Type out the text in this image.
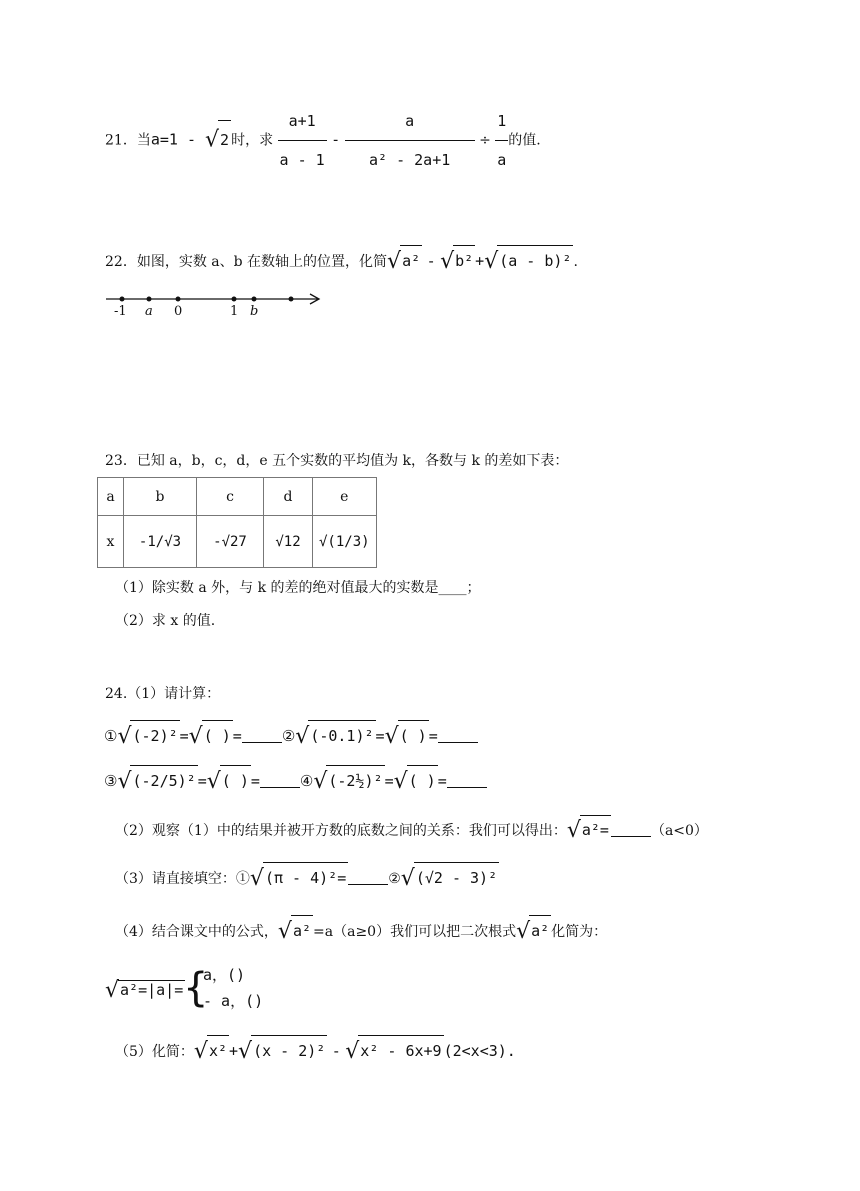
21．当a=1 - √2 时，求 $\frac{a+1}{a - 1} - \frac{a}{\text{a² - 2a+1}} \div \frac{1}{a}$ 的值.
22．如图，实数 a、b 在数轴上的位置，化简√a² - √b² +√(a - b)² .
-1 a 0	1 b
23．已知 a，b，c，d，e 五个实数的平均值为 k，各数与 k 的差如下表：
a	b	c	d	e
x	-1/√3	-√27	√12	√(1/3)
（1）除实数 a 外，与 k 的差的绝对值最大的实数是____；
（2）求 x 的值.
24.（1）请计算：
①√(-2)² =√( ) =	②√(-0.1)² =√( ) =
③√(-2/5)² =√( ) =	④√(-2½)² =√( ) =
（2）观察（1）中的结果并被开方数的底数之间的关系：我们可以得出：√a²=	（a<0）
（3）请直接填空：①√(π - 4)²=	②√(√2 - 3)²
（4）结合课文中的公式，√a² =a（a≥0）我们可以把二次根式√a² 化简为：
√a²=|a|= {
a，()
- a，()
（5）化简：√x² +√(x - 2)² - √x² - 6x+9 (2<x<3).
